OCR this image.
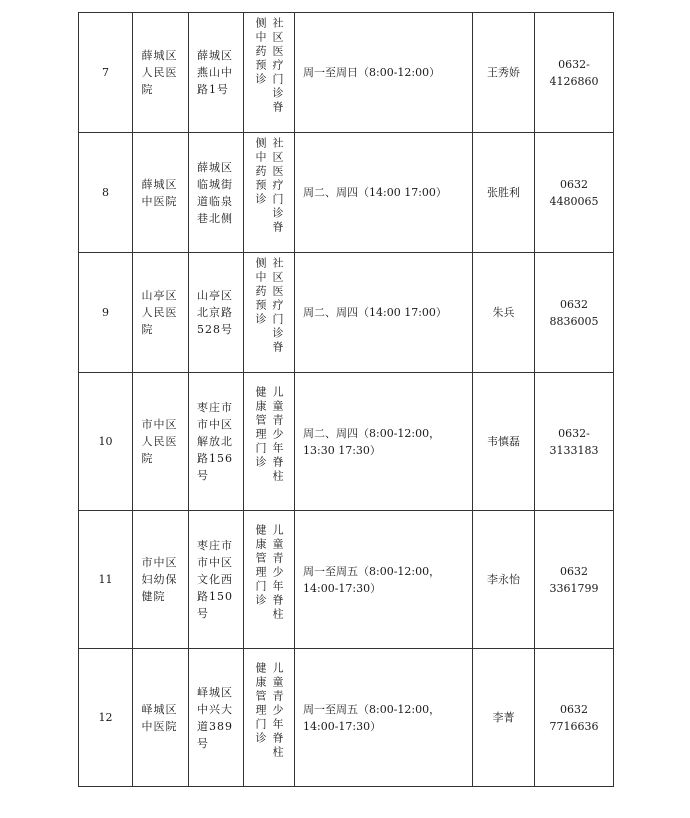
7	薛城区人民医院	薛城区燕山中路1号	社区医疗门诊脊侧中药预诊	周一至周日（8:00-12:00）	王秀娇	0632-4126860
8	薛城区中医院	薛城区临城街道临泉巷北侧	社区医疗门诊脊侧中药预诊	周二、周四（14:00 17:00）	张胜利	0632 4480065
9	山亭区人民医院	山亭区北京路528号	社区医疗门诊脊侧中药预诊	周二、周四（14:00 17:00）	朱兵	0632 8836005
10	市中区人民医院	枣庄市市中区解放北路156号	儿童青少年脊柱健康管理门诊	周二、周四（8:00-12:00，13:30 17:30）	韦慎磊	0632-3133183
11	市中区妇幼保健院	枣庄市市中区文化西路150号	儿童青少年脊柱健康管理门诊	周一至周五（8:00-12:00，14:00-17:30）	李永怡	0632 3361799
12	峄城区中医院	峄城区中兴大道389号	儿童青少年脊柱健康管理门诊	周一至周五（8:00-12:00，14:00-17:30）	李菁	0632 7716636
